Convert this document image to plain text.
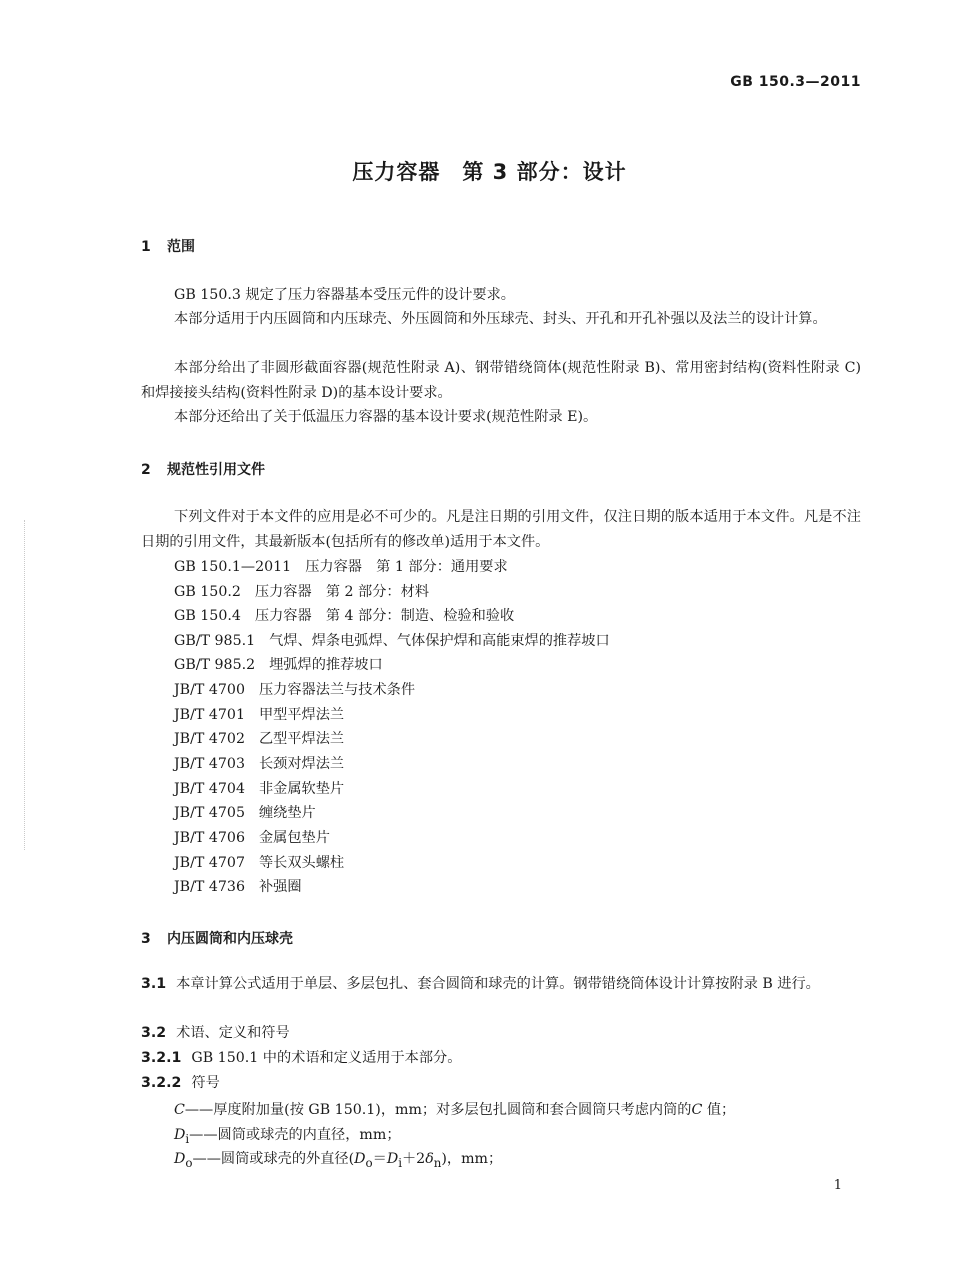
GB 150.3—2011
压力容器　第 3 部分：设计
1 范围
GB 150.3 规定了压力容器基本受压元件的设计要求。
本部分适用于内压圆筒和内压球壳、外压圆筒和外压球壳、封头、开孔和开孔补强以及法兰的设计计算。
本部分给出了非圆形截面容器(规范性附录 A)、钢带错绕筒体(规范性附录 B)、常用密封结构(资料性附录 C)和焊接接头结构(资料性附录 D)的基本设计要求。
本部分还给出了关于低温压力容器的基本设计要求(规范性附录 E)。
2 规范性引用文件
下列文件对于本文件的应用是必不可少的。凡是注日期的引用文件，仅注日期的版本适用于本文件。凡是不注日期的引用文件，其最新版本(包括所有的修改单)适用于本文件。
GB 150.1—2011 压力容器　第 1 部分：通用要求
GB 150.2 压力容器　第 2 部分：材料
GB 150.4 压力容器　第 4 部分：制造、检验和验收
GB/T 985.1 气焊、焊条电弧焊、气体保护焊和高能束焊的推荐坡口
GB/T 985.2 埋弧焊的推荐坡口
JB/T 4700 压力容器法兰与技术条件
JB/T 4701 甲型平焊法兰
JB/T 4702 乙型平焊法兰
JB/T 4703 长颈对焊法兰
JB/T 4704 非金属软垫片
JB/T 4705 缠绕垫片
JB/T 4706 金属包垫片
JB/T 4707 等长双头螺柱
JB/T 4736 补强圈
3 内压圆筒和内压球壳
3.1 本章计算公式适用于单层、多层包扎、套合圆筒和球壳的计算。钢带错绕筒体设计计算按附录 B 进行。
3.2 术语、定义和符号
3.2.1 GB 150.1 中的术语和定义适用于本部分。
3.2.2 符号
C——厚度附加量(按 GB 150.1)，mm；对多层包扎圆筒和套合圆筒只考虑内筒的C 值；
$D_i——$圆筒或球壳的内直径，mm；
$D_o——$圆筒或球壳的外直径$(D_o=D_i+2\delta_n)$，mm；
1
